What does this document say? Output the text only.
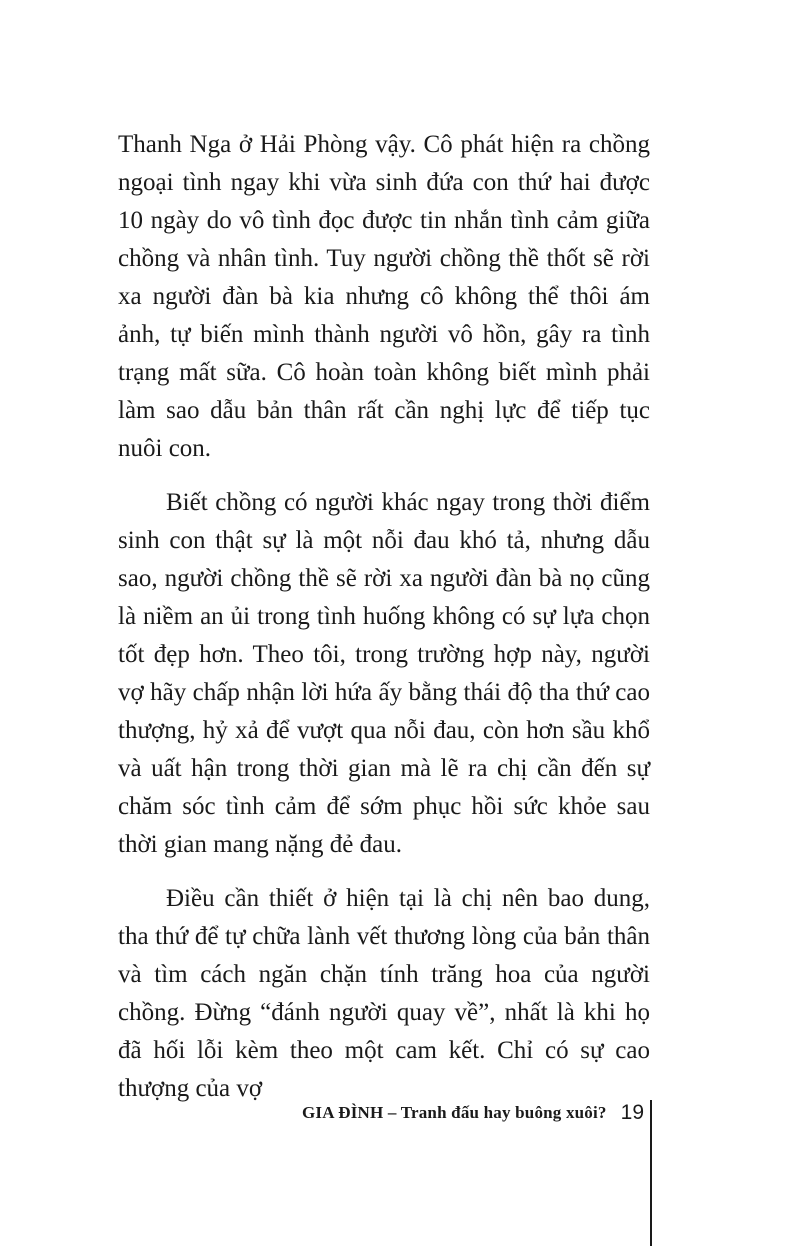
Thanh Nga ở Hải Phòng vậy. Cô phát hiện ra chồng ngoại tình ngay khi vừa sinh đứa con thứ hai được 10 ngày do vô tình đọc được tin nhắn tình cảm giữa chồng và nhân tình. Tuy người chồng thề thốt sẽ rời xa người đàn bà kia nhưng cô không thể thôi ám ảnh, tự biến mình thành người vô hồn, gây ra tình trạng mất sữa. Cô hoàn toàn không biết mình phải làm sao dẫu bản thân rất cần nghị lực để tiếp tục nuôi con.

Biết chồng có người khác ngay trong thời điểm sinh con thật sự là một nỗi đau khó tả, nhưng dẫu sao, người chồng thề sẽ rời xa người đàn bà nọ cũng là niềm an ủi trong tình huống không có sự lựa chọn tốt đẹp hơn. Theo tôi, trong trường hợp này, người vợ hãy chấp nhận lời hứa ấy bằng thái độ tha thứ cao thượng, hỷ xả để vượt qua nỗi đau, còn hơn sầu khổ và uất hận trong thời gian mà lẽ ra chị cần đến sự chăm sóc tình cảm để sớm phục hồi sức khỏe sau thời gian mang nặng đẻ đau.

Điều cần thiết ở hiện tại là chị nên bao dung, tha thứ để tự chữa lành vết thương lòng của bản thân và tìm cách ngăn chặn tính trăng hoa của người chồng. Đừng “đánh người quay về”, nhất là khi họ đã hối lỗi kèm theo một cam kết. Chỉ có sự cao thượng của vợ

GIA ĐÌNH – Tranh đấu hay buông xuôi? 19
